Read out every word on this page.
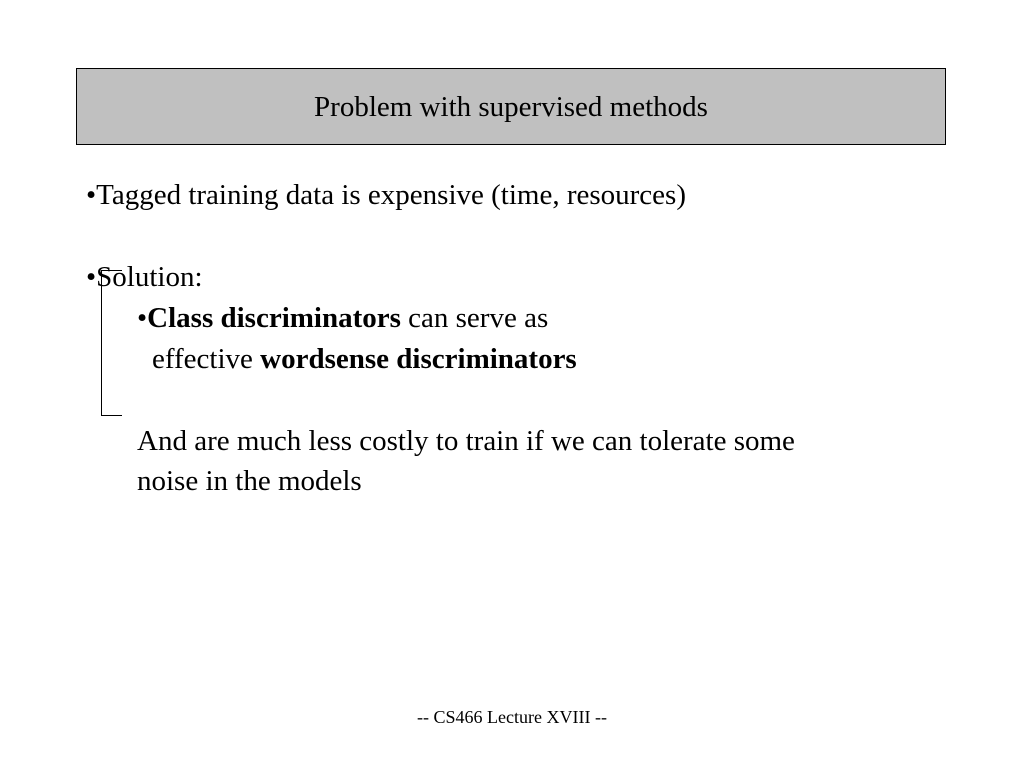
Problem with supervised methods
•Tagged training data is expensive (time, resources)
•Solution:
•Class discriminators can serve as
effective wordsense discriminators
And are much less costly to train if we can tolerate some
noise in the models
-- CS466 Lecture XVIII --
